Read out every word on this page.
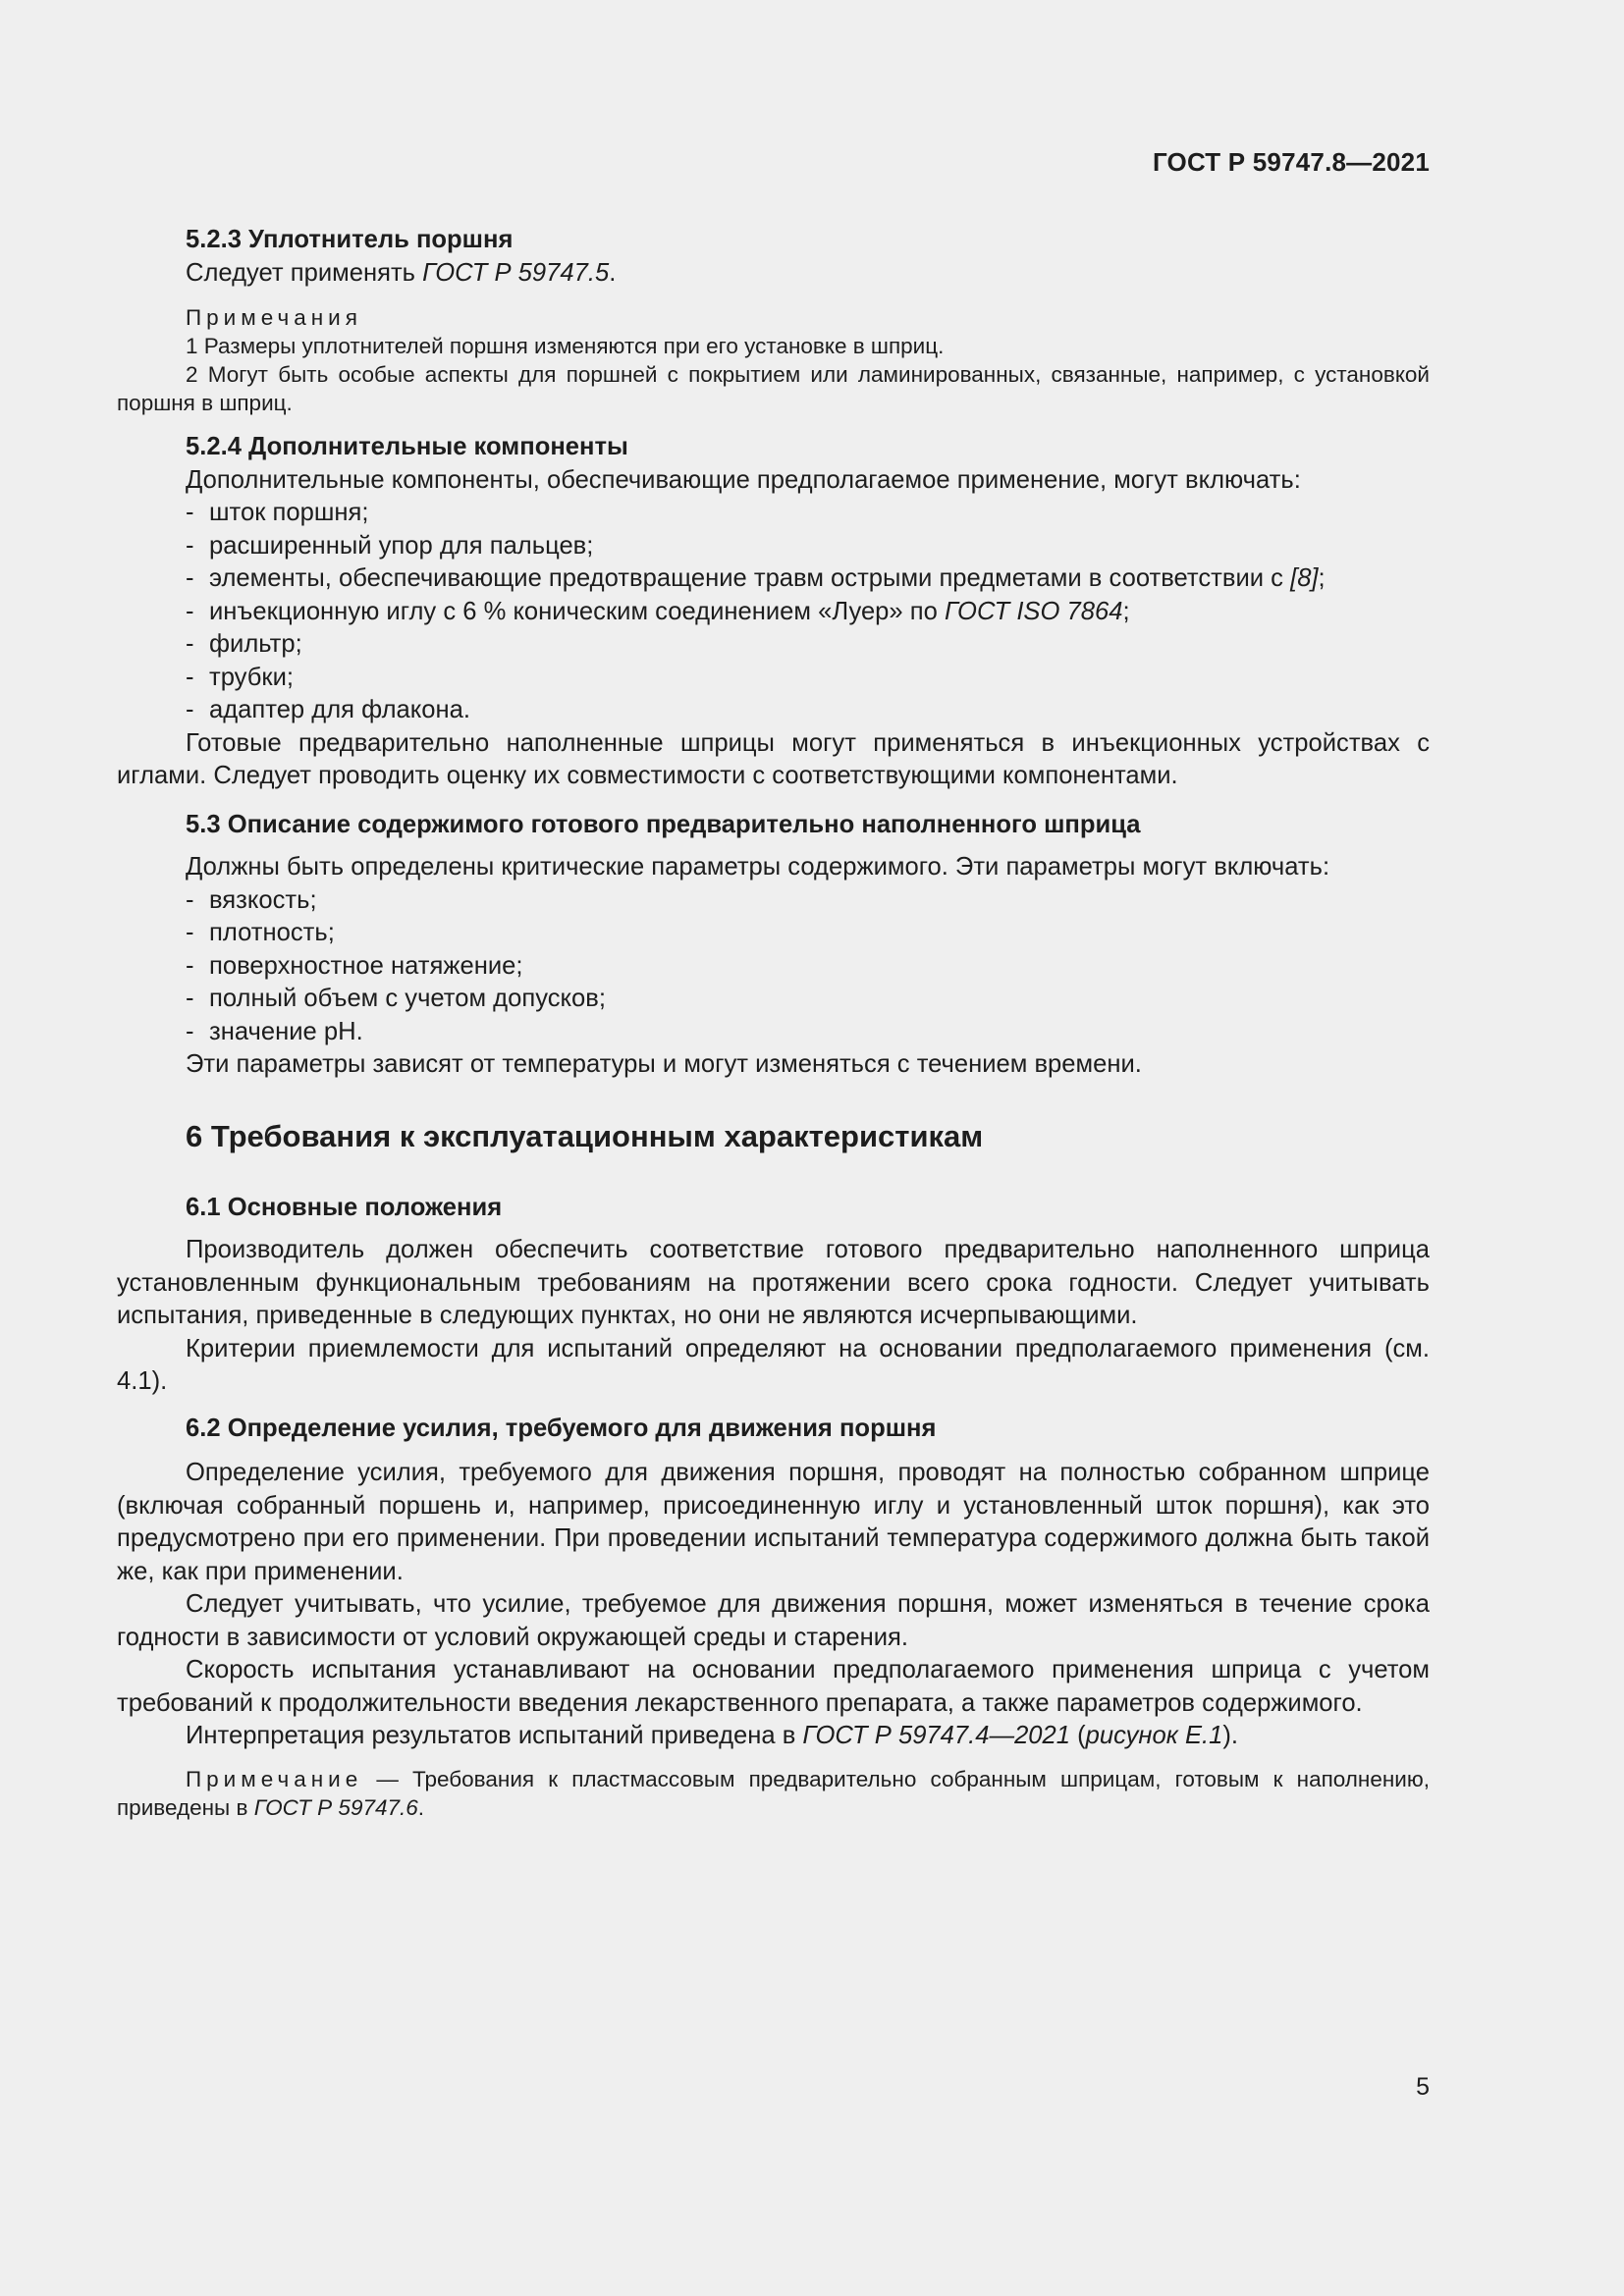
ГОСТ Р 59747.8—2021

5.2.3 Уплотнитель поршня

Следует применять ГОСТ Р 59747.5.

Примечания

1 Размеры уплотнителей поршня изменяются при его установке в шприц.

2 Могут быть особые аспекты для поршней с покрытием или ламинированных, связанные, например, с установкой поршня в шприц.

5.2.4 Дополнительные компоненты

Дополнительные компоненты, обеспечивающие предполагаемое применение, могут включать:

- шток поршня;
- расширенный упор для пальцев;
- элементы, обеспечивающие предотвращение травм острыми предметами в соответствии с [8];
- инъекционную иглу с 6 % коническим соединением «Луер» по ГОСТ ISO 7864;
- фильтр;
- трубки;
- адаптер для флакона.

Готовые предварительно наполненные шприцы могут применяться в инъекционных устройствах с иглами. Следует проводить оценку их совместимости с соответствующими компонентами.

5.3 Описание содержимого готового предварительно наполненного шприца

Должны быть определены критические параметры содержимого. Эти параметры могут включать:

- вязкость;
- плотность;
- поверхностное натяжение;
- полный объем с учетом допусков;
- значение pH.

Эти параметры зависят от температуры и могут изменяться с течением времени.

6 Требования к эксплуатационным характеристикам

6.1 Основные положения

Производитель должен обеспечить соответствие готового предварительно наполненного шприца установленным функциональным требованиям на протяжении всего срока годности. Следует учитывать испытания, приведенные в следующих пунктах, но они не являются исчерпывающими.

Критерии приемлемости для испытаний определяют на основании предполагаемого применения (см. 4.1).

6.2 Определение усилия, требуемого для движения поршня

Определение усилия, требуемого для движения поршня, проводят на полностью собранном шприце (включая собранный поршень и, например, присоединенную иглу и установленный шток поршня), как это предусмотрено при его применении. При проведении испытаний температура содержимого должна быть такой же, как при применении.

Следует учитывать, что усилие, требуемое для движения поршня, может изменяться в течение срока годности в зависимости от условий окружающей среды и старения.

Скорость испытания устанавливают на основании предполагаемого применения шприца с учетом требований к продолжительности введения лекарственного препарата, а также параметров содержимого.

Интерпретация результатов испытаний приведена в ГОСТ Р 59747.4—2021 (рисунок Е.1).

Примечание — Требования к пластмассовым предварительно собранным шприцам, готовым к наполнению, приведены в ГОСТ Р 59747.6.

5
